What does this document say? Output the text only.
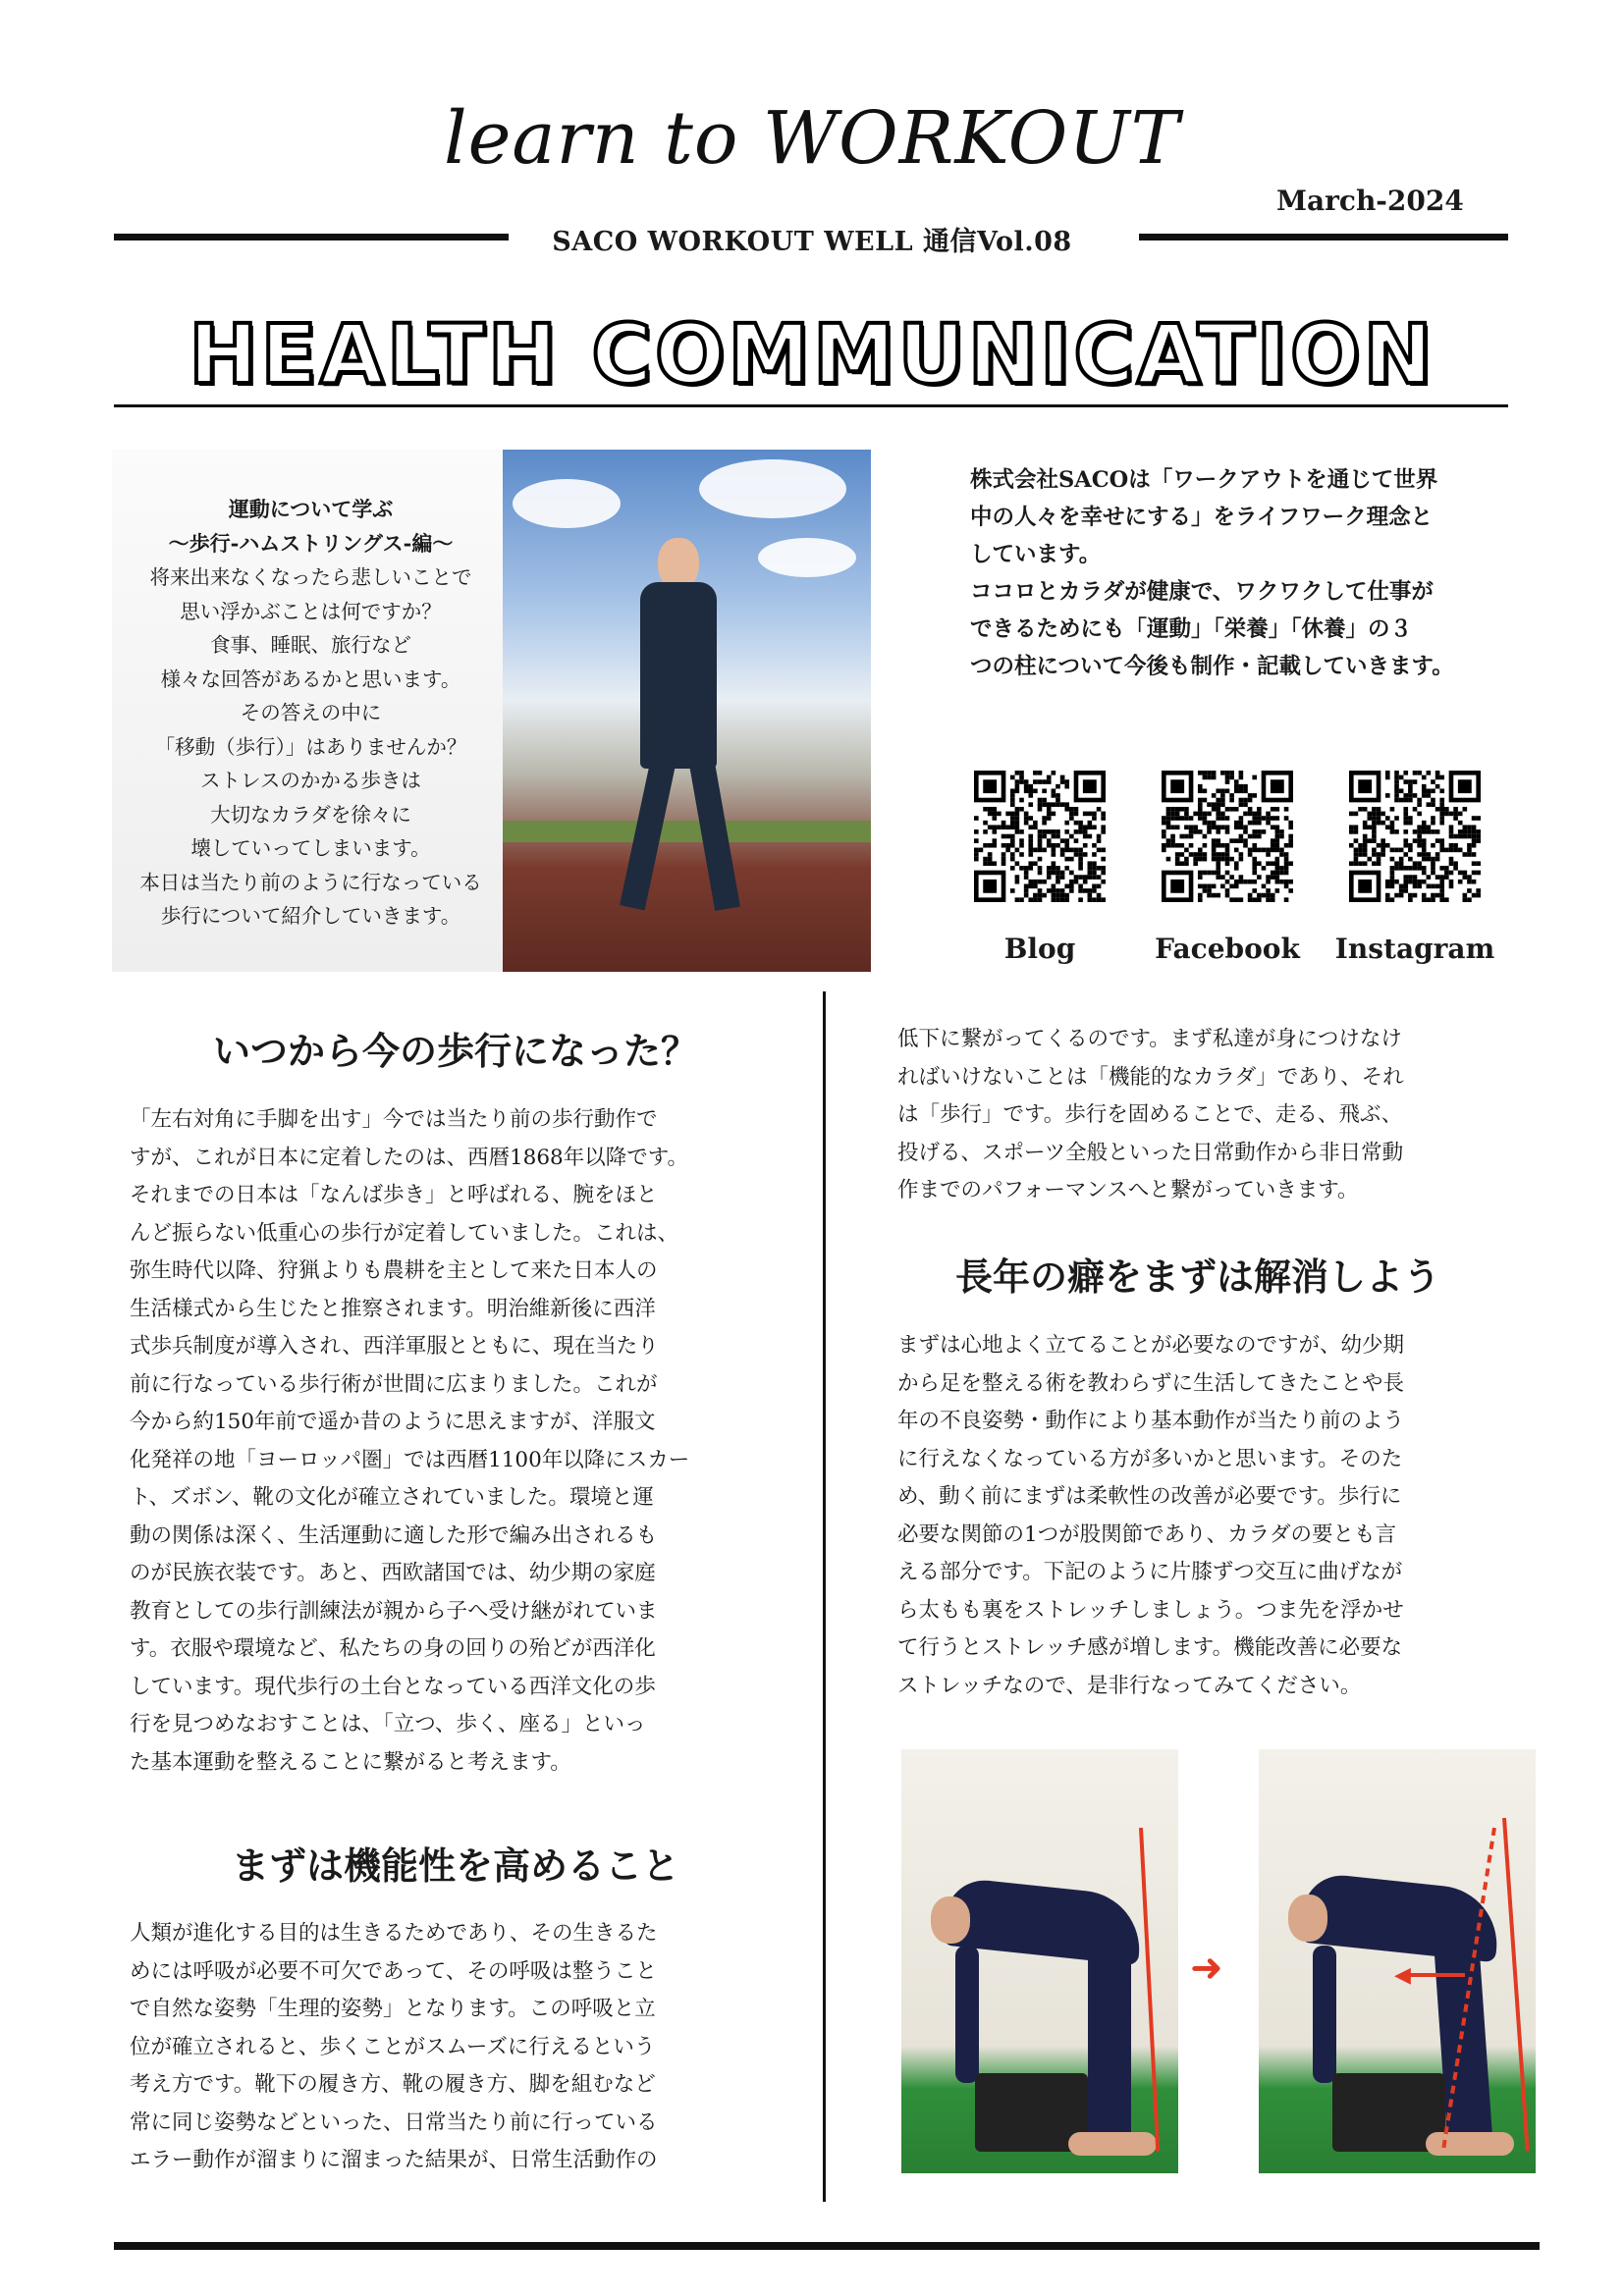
learn to WORKOUT
March-2024
SACO WORKOUT WELL 通信Vol.08
HEALTH COMMUNICATION
運動について学ぶ
〜歩行-ハムストリングス-編〜
将来出来なくなったら悲しいことで
思い浮かぶことは何ですか？
食事、睡眠、旅行など
様々な回答があるかと思います。
その答えの中に
「移動（歩行）」はありませんか？
ストレスのかかる歩きは
大切なカラダを徐々に
壊していってしまいます。
本日は当たり前のように行なっている
歩行について紹介していきます。
株式会社SACOは「ワークアウトを通じて世界
中の人々を幸せにする」をライフワーク理念と
しています。
ココロとカラダが健康で、ワクワクして仕事が
できるためにも「運動」「栄養」「休養」の３
つの柱について今後も制作・記載していきます。
Blog	Facebook	Instagram
いつから今の歩行になった？
「左右対角に手脚を出す」今では当たり前の歩行動作で
すが、これが日本に定着したのは、西暦1868年以降です。
それまでの日本は「なんば歩き」と呼ばれる、腕をほと
んど振らない低重心の歩行が定着していました。これは、
弥生時代以降、狩猟よりも農耕を主として来た日本人の
生活様式から生じたと推察されます。明治維新後に西洋
式歩兵制度が導入され、西洋軍服とともに、現在当たり
前に行なっている歩行術が世間に広まりました。これが
今から約150年前で遥か昔のように思えますが、洋服文
化発祥の地「ヨーロッパ圏」では西暦1100年以降にスカー
ト、ズボン、靴の文化が確立されていました。環境と運
動の関係は深く、生活運動に適した形で編み出されるも
のが民族衣装です。あと、西欧諸国では、幼少期の家庭
教育としての歩行訓練法が親から子へ受け継がれていま
す。衣服や環境など、私たちの身の回りの殆どが西洋化
しています。現代歩行の土台となっている西洋文化の歩
行を見つめなおすことは、「立つ、歩く、座る」といっ
た基本運動を整えることに繋がると考えます。
まずは機能性を高めること
人類が進化する目的は生きるためであり、その生きるた
めには呼吸が必要不可欠であって、その呼吸は整うこと
で自然な姿勢「生理的姿勢」となります。この呼吸と立
位が確立されると、歩くことがスムーズに行えるという
考え方です。靴下の履き方、靴の履き方、脚を組むなど
常に同じ姿勢などといった、日常当たり前に行っている
エラー動作が溜まりに溜まった結果が、日常生活動作の
低下に繋がってくるのです。まず私達が身につけなけ
ればいけないことは「機能的なカラダ」であり、それ
は「歩行」です。歩行を固めることで、走る、飛ぶ、
投げる、スポーツ全般といった日常動作から非日常動
作までのパフォーマンスへと繋がっていきます。
長年の癖をまずは解消しよう
まずは心地よく立てることが必要なのですが、幼少期
から足を整える術を教わらずに生活してきたことや長
年の不良姿勢・動作により基本動作が当たり前のよう
に行えなくなっている方が多いかと思います。そのた
め、動く前にまずは柔軟性の改善が必要です。歩行に
必要な関節の1つが股関節であり、カラダの要とも言
える部分です。下記のように片膝ずつ交互に曲げなが
ら太もも裏をストレッチしましょう。つま先を浮かせ
て行うとストレッチ感が増します。機能改善に必要な
ストレッチなので、是非行なってみてください。
➜	◀
